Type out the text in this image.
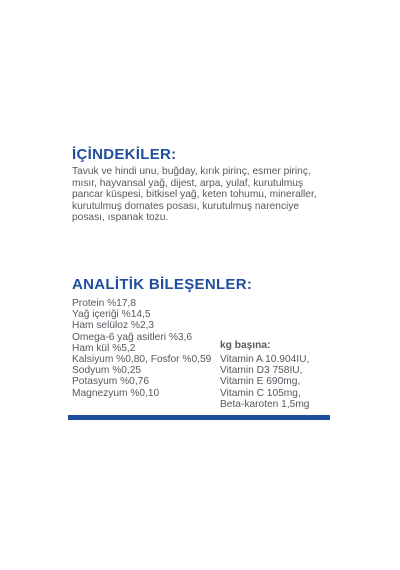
İÇİNDEKİLER:

Tavuk ve hindi unu, buğday, kırık pirinç, esmer pirinç, mısır, hayvansal yağ, dijest, arpa, yulaf, kurutulmuş pancar küspesi, bitkisel yağ, keten tohumu, mineraller, kurutulmuş domates posası, kurutulmuş narenciye posası, ıspanak tozu.

ANALİTİK BİLEŞENLER:
Protein %17,8
Yağ içeriği %14,5
Ham selüloz %2,3
Omega-6 yağ asitleri %3,6
Ham kül %5,2
Kalsiyum %0,80, Fosfor %0,59
Sodyum %0,25
Potasyum %0,76
Magnezyum %0,10
kg başına:
Vitamin A 10.904IU,
Vitamin D3 758IU,
Vitamin E 690mg,
Vitamin C 105mg,
Beta-karoten 1,5mg
